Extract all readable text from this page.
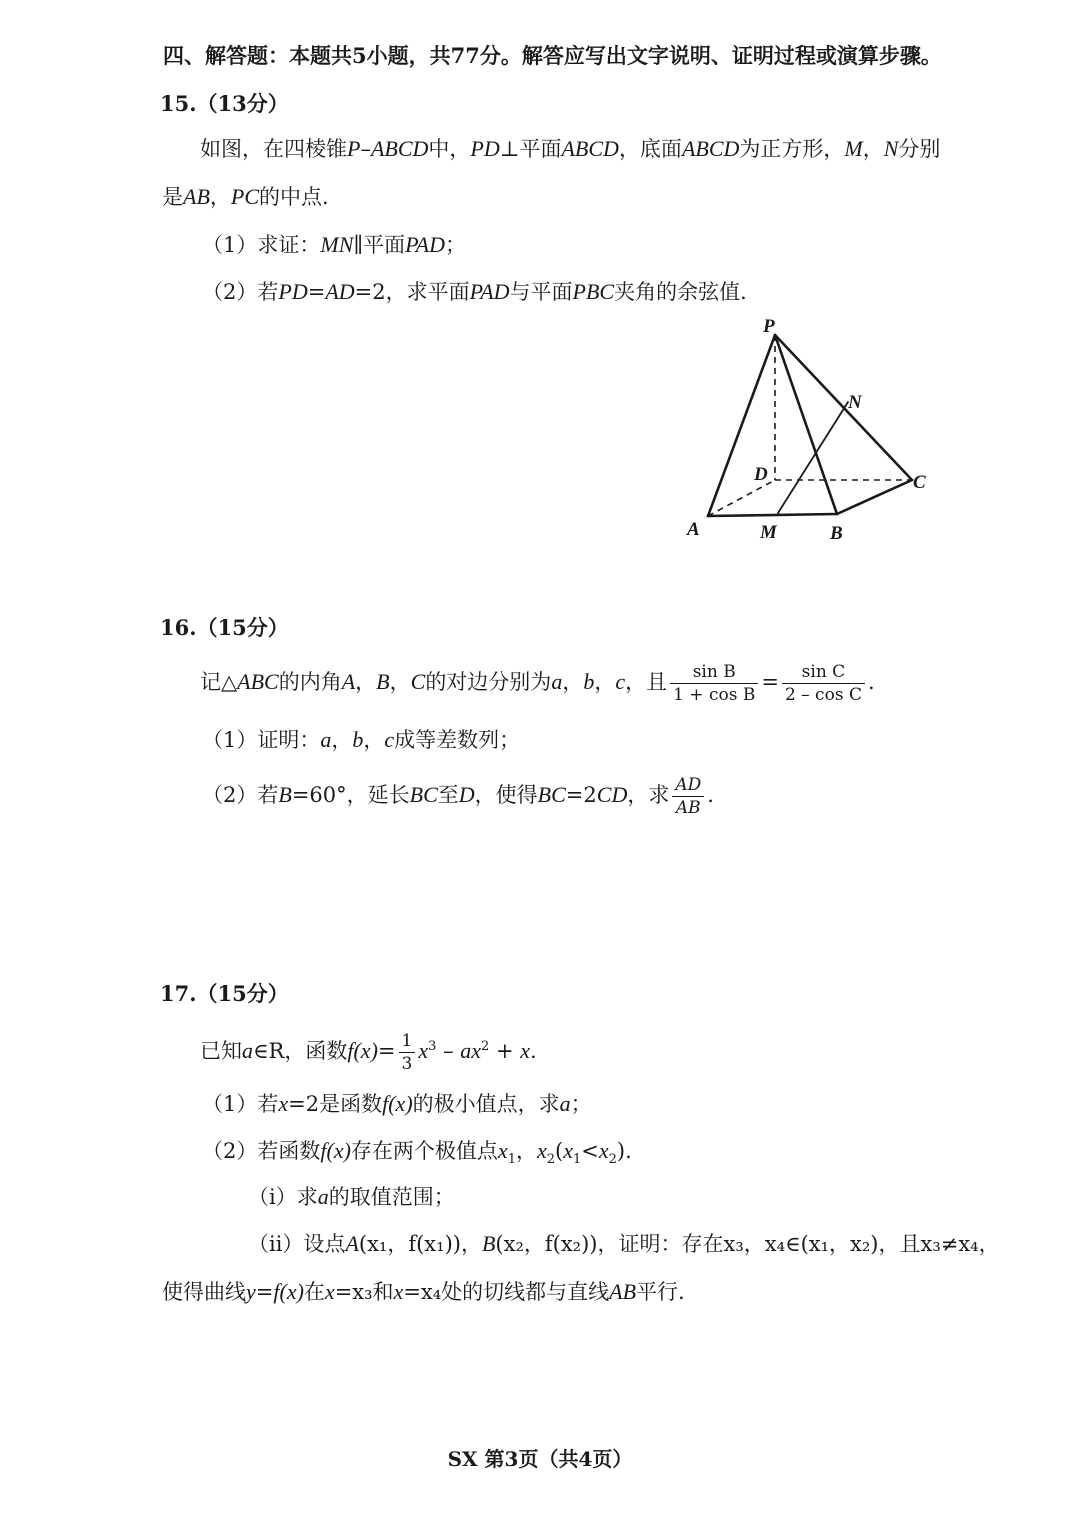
四、解答题：本题共5小题，共77分。解答应写出文字说明、证明过程或演算步骤。
15.（13分）
如图，在四棱锥P–ABCD中，PD⊥平面ABCD，底面ABCD为正方形，M，N分别
是AB，PC的中点.
（1）求证：MN∥平面PAD；
（2）若PD=AD=2，求平面PAD与平面PBC夹角的余弦值.
P
N
D	C
A	M	B
16.（15分）
记△ABC的内角A，B，C的对边分别为a，b，c，且 $\frac{\text{sin B}}{\text{1 + cos B}} = \frac{\text{sin C}}{\text{2 – cos C}}$ .
（1）证明：a，b，c成等差数列；
（2）若B=60°，延长BC至D，使得BC=2CD，求 $\frac{AD}{AB}$ .
17.（15分）
已知a∈R，函数$f(x)= \frac{1}{3} x^3 - ax^2 + x$.
（1）若x=2是函数f(x)的极小值点，求a；
（2）若函数f(x)存在两个极值点$x_1$，$x_2(x_1<x_2)$.
（ⅰ）求a的取值范围；
（ⅱ）设点A(x₁，f(x₁))，B(x₂，f(x₂))，证明：存在x₃，x₄∈(x₁，x₂)，且x₃≠x₄，
使得曲线y=f(x)在x=x₃和x=x₄处的切线都与直线AB平行.
SX 第3页（共4页）
